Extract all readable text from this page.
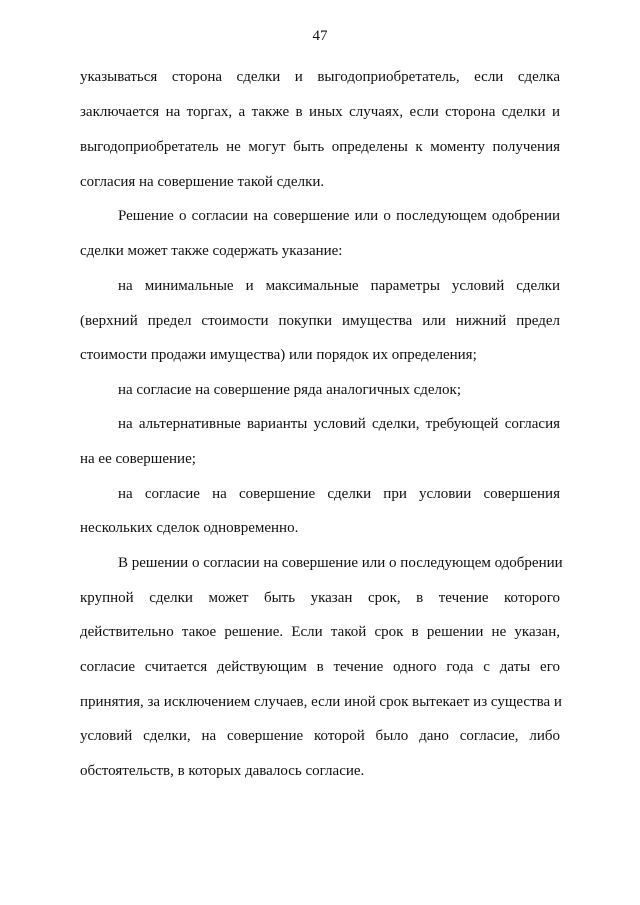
47
указываться сторона сделки и выгодоприобретатель, если сделка
заключается на торгах, а также в иных случаях, если сторона сделки и
выгодоприобретатель не могут быть определены к моменту получения
согласия на совершение такой сделки.
Решение о согласии на совершение или о последующем одобрении
сделки может также содержать указание:
на минимальные и максимальные параметры условий сделки
(верхний предел стоимости покупки имущества или нижний предел
стоимости продажи имущества) или порядок их определения;
на согласие на совершение ряда аналогичных сделок;
на альтернативные варианты условий сделки, требующей согласия
на ее совершение;
на согласие на совершение сделки при условии совершения
нескольких сделок одновременно.
В решении о согласии на совершение или о последующем одобрении
крупной сделки может быть указан срок, в течение которого
действительно такое решение. Если такой срок в решении не указан,
согласие считается действующим в течение одного года с даты его
принятия, за исключением случаев, если иной срок вытекает из существа и
условий сделки, на совершение которой было дано согласие, либо
обстоятельств, в которых давалось согласие.
